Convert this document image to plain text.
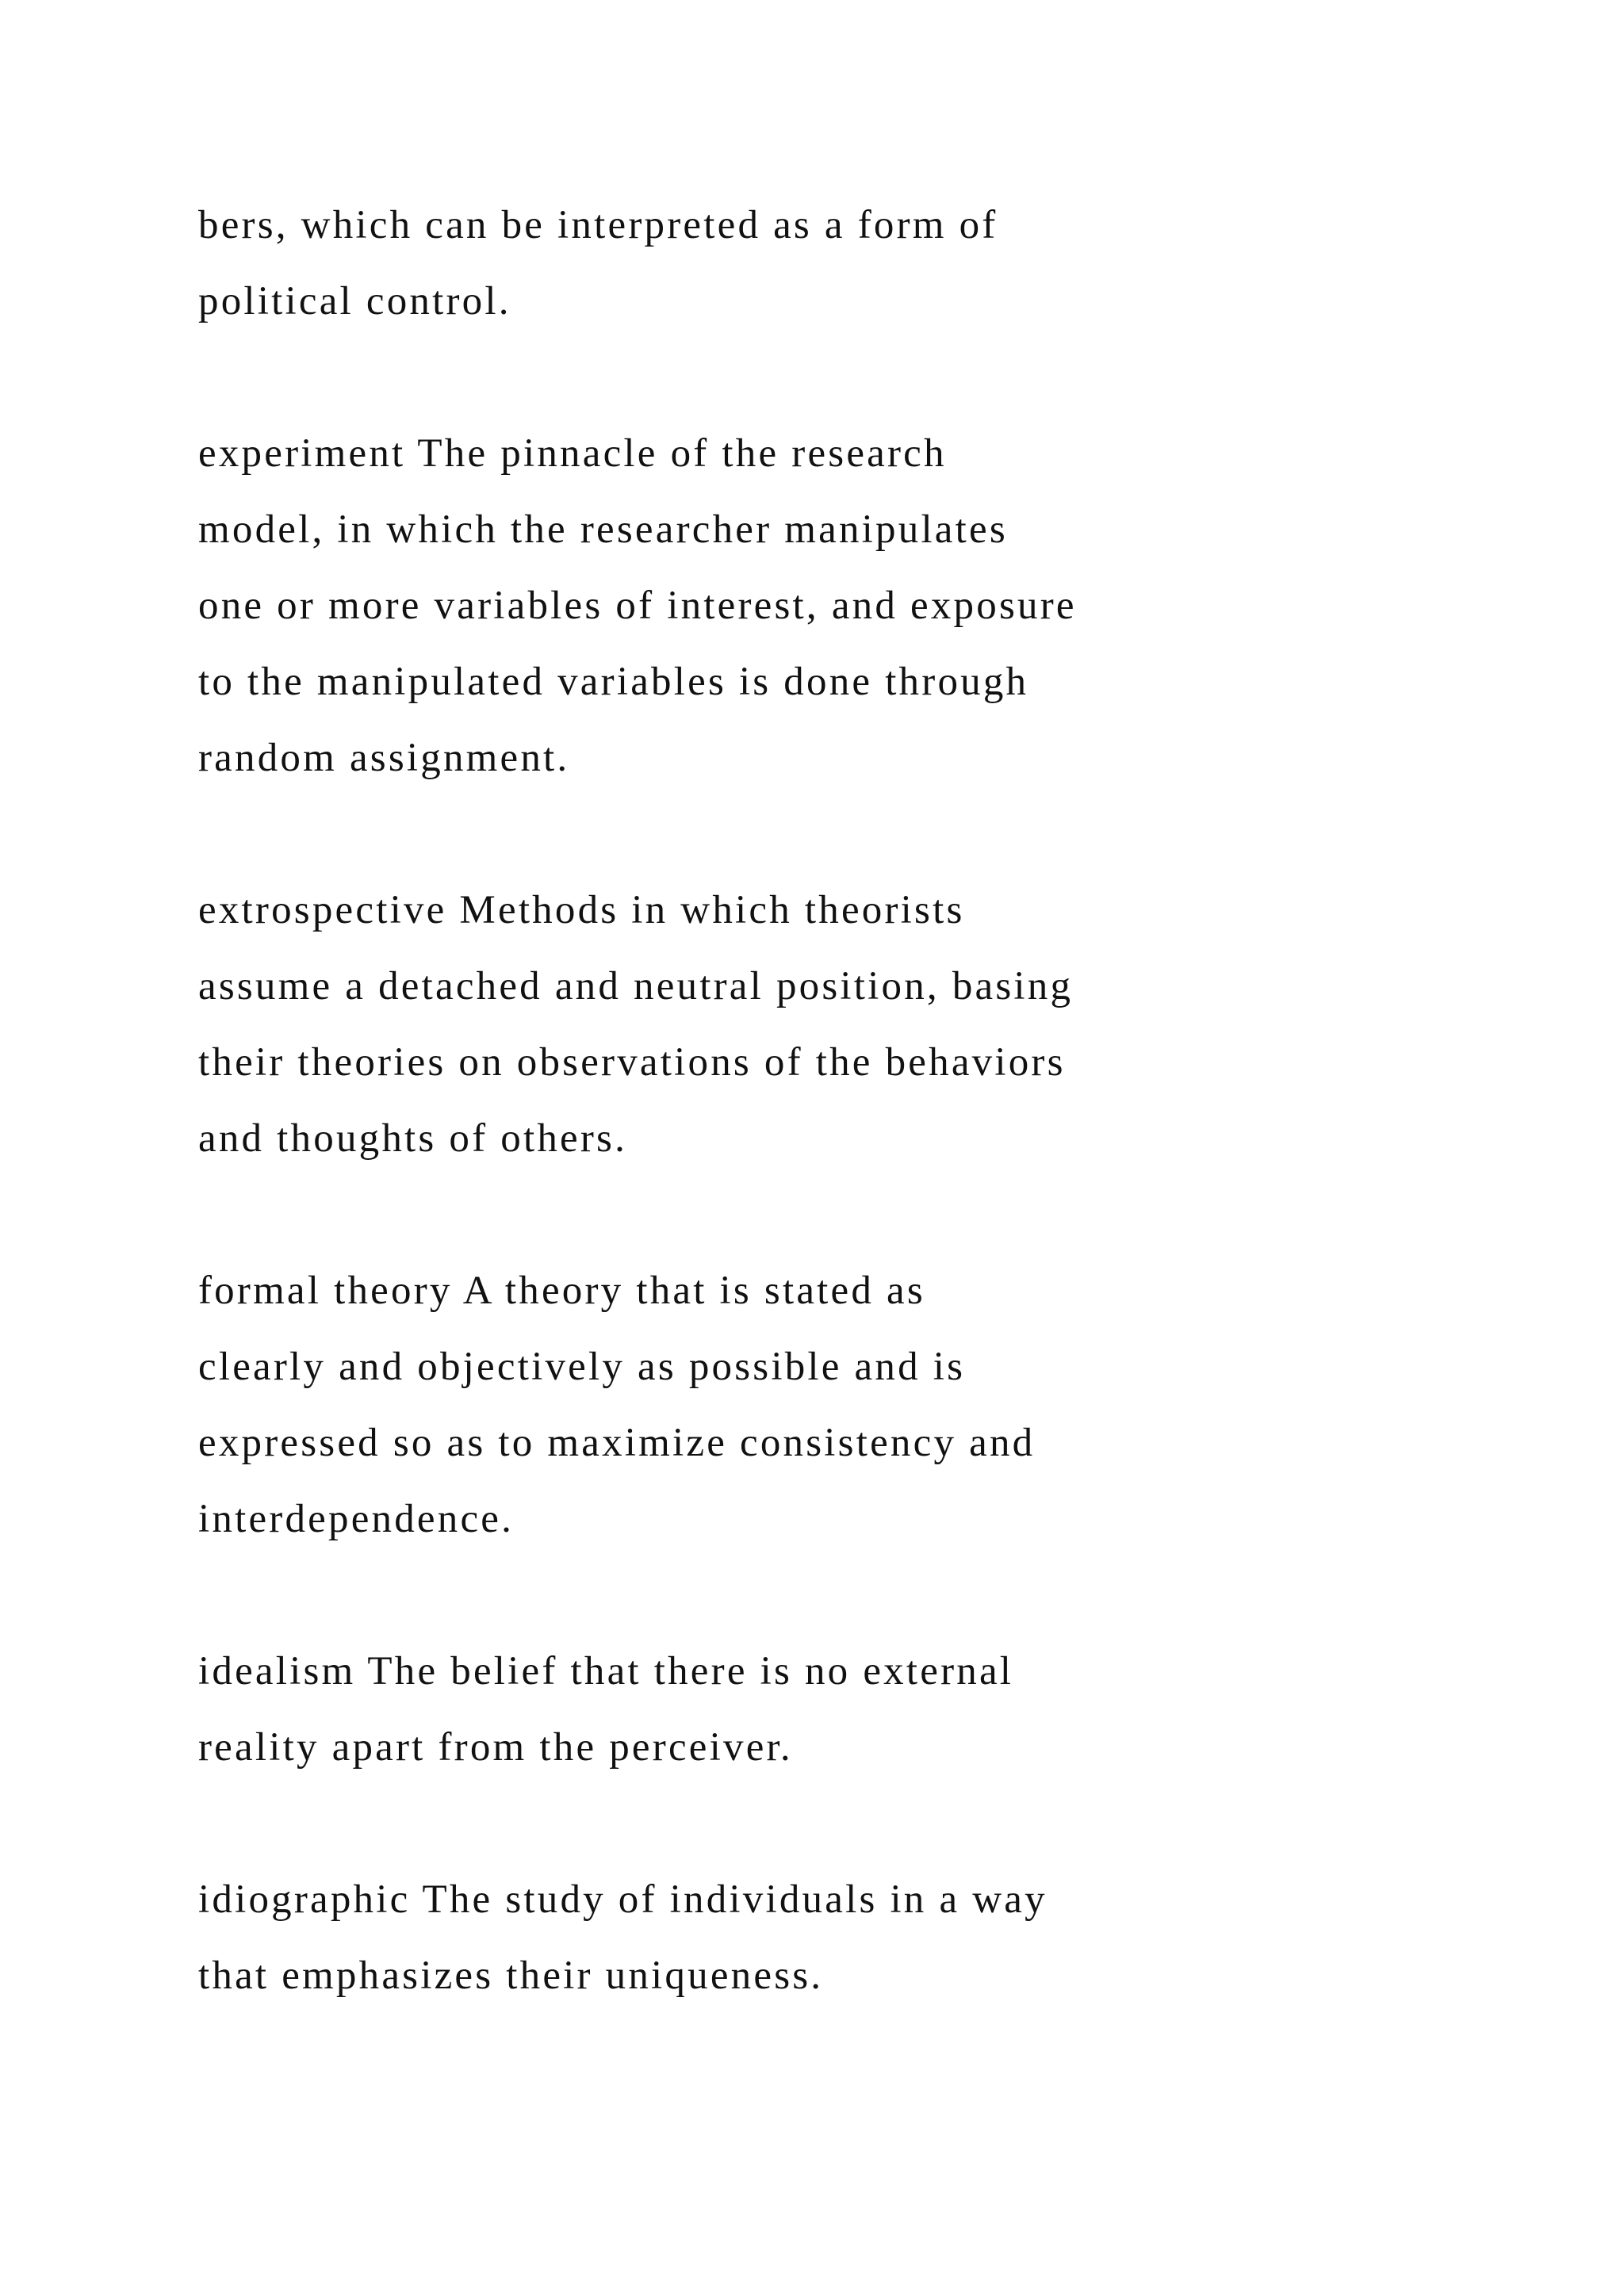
bers, which can be interpreted as a form of
political control.

experiment The pinnacle of the research
model, in which the researcher manipulates
one or more variables of interest, and exposure
to the manipulated variables is done through
random assignment.

extrospective Methods in which theorists
assume a detached and neutral position, basing
their theories on observations of the behaviors
and thoughts of others.

formal theory A theory that is stated as
clearly and objectively as possible and is
expressed so as to maximize consistency and
interdependence.

idealism The belief that there is no external
reality apart from the perceiver.

idiographic The study of individuals in a way
that emphasizes their uniqueness.
